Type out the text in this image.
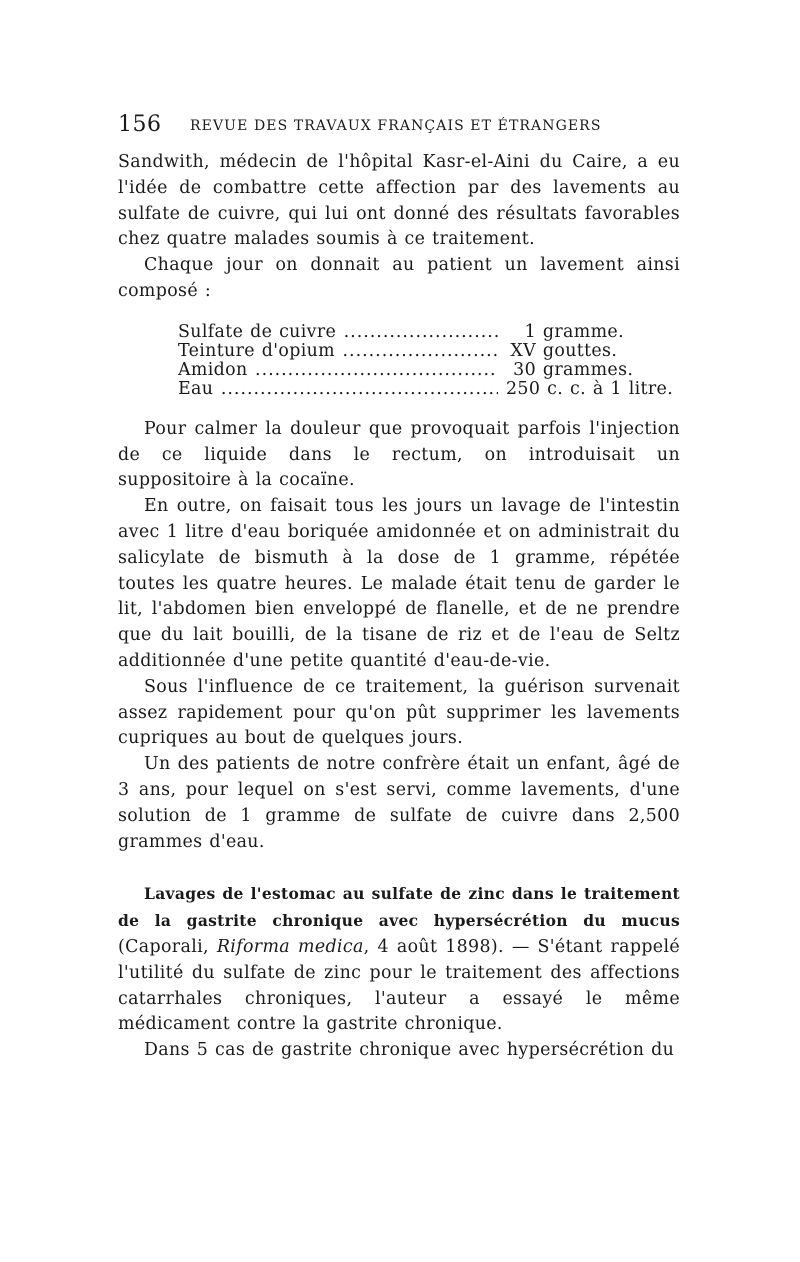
156 REVUE DES TRAVAUX FRANÇAIS ET ÉTRANGERS

Sandwith, médecin de l'hôpital Kasr-el-Aini du Caire, a eu l'idée de combattre cette affection par des lavements au sulfate de cuivre, qui lui ont donné des résultats favorables chez quatre malades soumis à ce traitement.

Chaque jour on donnait au patient un lavement ainsi composé :

Sulfate de cuivre .....	1 gramme.
Teinture d'opium .....	XV gouttes.
Amidon .....	30 grammes.
Eau .....	250 c. c. à 1 litre.

Pour calmer la douleur que provoquait parfois l'injection de ce liquide dans le rectum, on introduisait un suppositoire à la cocaïne.

En outre, on faisait tous les jours un lavage de l'intestin avec 1 litre d'eau boriquée amidonnée et on administrait du salicylate de bismuth à la dose de 1 gramme, répétée toutes les quatre heures. Le malade était tenu de garder le lit, l'abdomen bien enveloppé de flanelle, et de ne prendre que du lait bouilli, de la tisane de riz et de l'eau de Seltz additionnée d'une petite quantité d'eau-de-vie.

Sous l'influence de ce traitement, la guérison survenait assez rapidement pour qu'on pût supprimer les lavements cupriques au bout de quelques jours.

Un des patients de notre confrère était un enfant, âgé de 3 ans, pour lequel on s'est servi, comme lavements, d'une solution de 1 gramme de sulfate de cuivre dans 2,500 grammes d'eau.

Lavages de l'estomac au sulfate de zinc dans le traitement de la gastrite chronique avec hypersécrétion du mucus (Caporali, Riforma medica, 4 août 1898). — S'étant rappelé l'utilité du sulfate de zinc pour le traitement des affections catarrhales chroniques, l'auteur a essayé le même médicament contre la gastrite chronique.

Dans 5 cas de gastrite chronique avec hypersécrétion du
